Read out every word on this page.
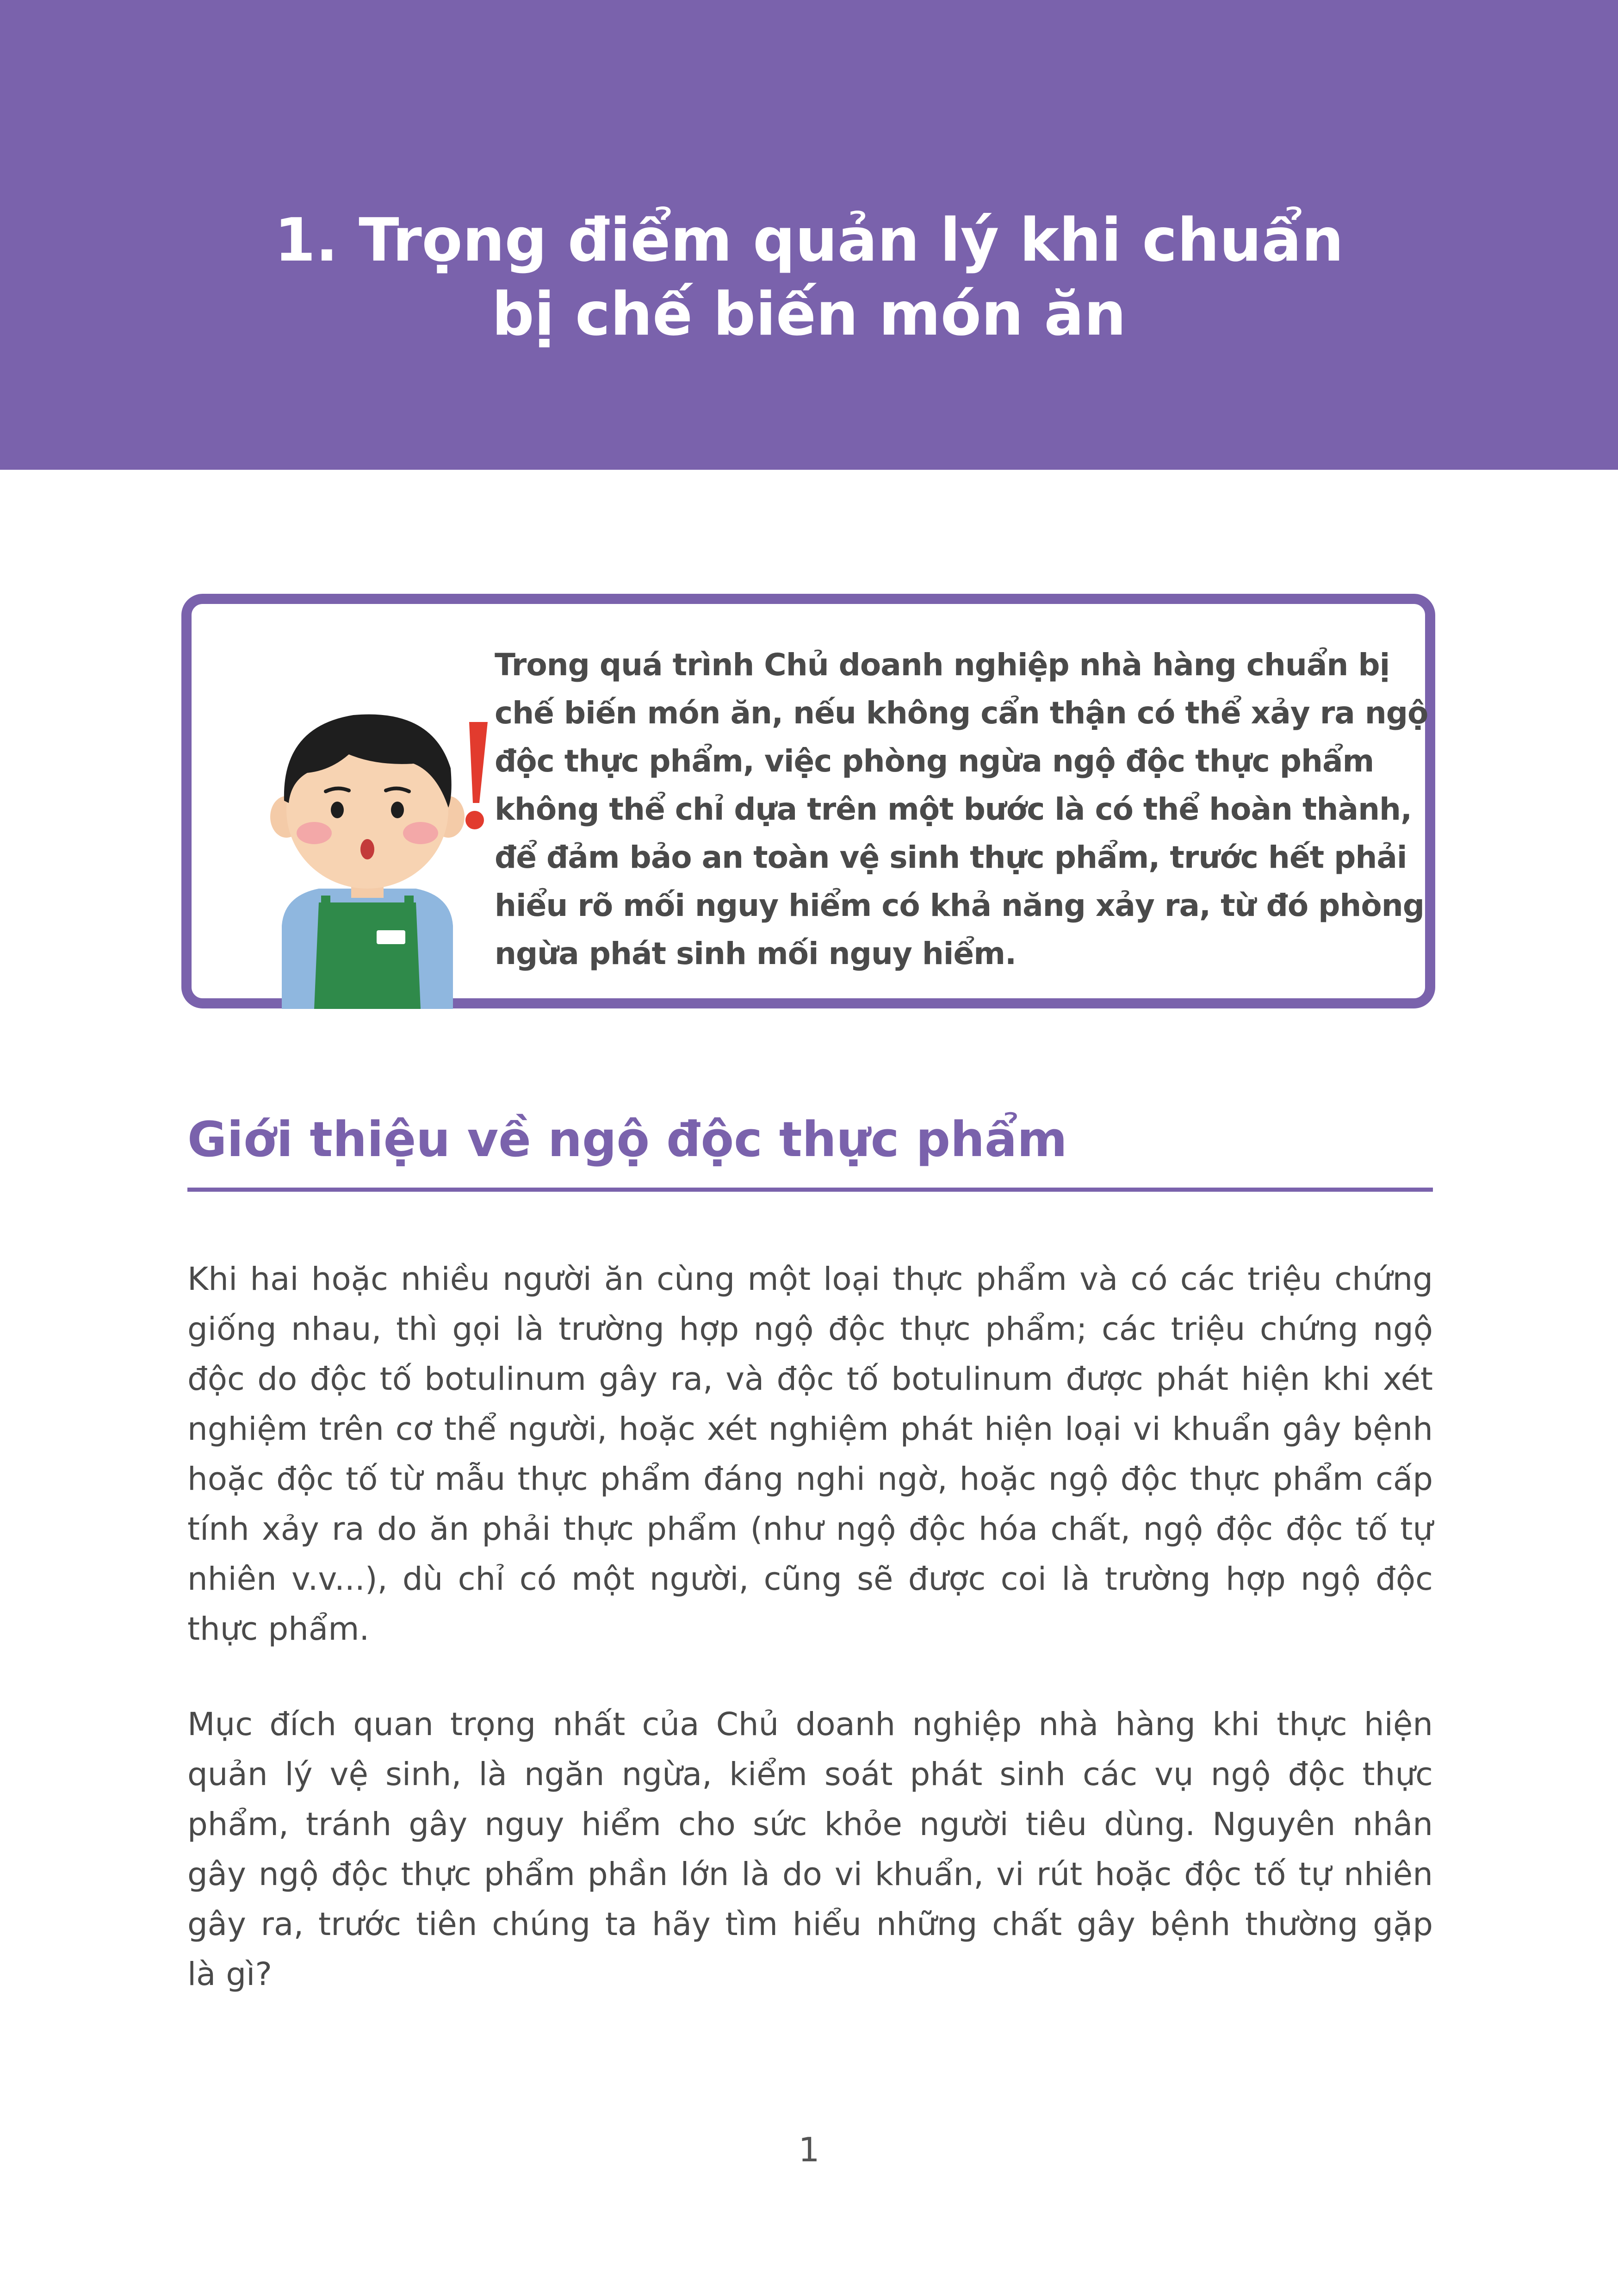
1. Trọng điểm quản lý khi chuẩn
bị chế biến món ăn
Trong quá trình Chủ doanh nghiệp nhà hàng chuẩn bị
chế biến món ăn, nếu không cẩn thận có thể xảy ra ngộ
độc thực phẩm, việc phòng ngừa ngộ độc thực phẩm
không thể chỉ dựa trên một bước là có thể hoàn thành,
để đảm bảo an toàn vệ sinh thực phẩm, trước hết phải
hiểu rõ mối nguy hiểm có khả năng xảy ra, từ đó phòng
ngừa phát sinh mối nguy hiểm.
Giới thiệu về ngộ độc thực phẩm
Khi hai hoặc nhiều người ăn cùng một loại thực phẩm và có các triệu chứng
giống nhau, thì gọi là trường hợp ngộ độc thực phẩm; các triệu chứng ngộ
độc do độc tố botulinum gây ra, và độc tố botulinum được phát hiện khi xét
nghiệm trên cơ thể người, hoặc xét nghiệm phát hiện loại vi khuẩn gây bệnh
hoặc độc tố từ mẫu thực phẩm đáng nghi ngờ, hoặc ngộ độc thực phẩm cấp
tính xảy ra do ăn phải thực phẩm (như ngộ độc hóa chất, ngộ độc độc tố tự
nhiên v.v...), dù chỉ có một người, cũng sẽ được coi là trường hợp ngộ độc
thực phẩm.
Mục đích quan trọng nhất của Chủ doanh nghiệp nhà hàng khi thực hiện
quản lý vệ sinh, là ngăn ngừa, kiểm soát phát sinh các vụ ngộ độc thực
phẩm, tránh gây nguy hiểm cho sức khỏe người tiêu dùng. Nguyên nhân
gây ngộ độc thực phẩm phần lớn là do vi khuẩn, vi rút hoặc độc tố tự nhiên
gây ra, trước tiên chúng ta hãy tìm hiểu những chất gây bệnh thường gặp
là gì?
1
